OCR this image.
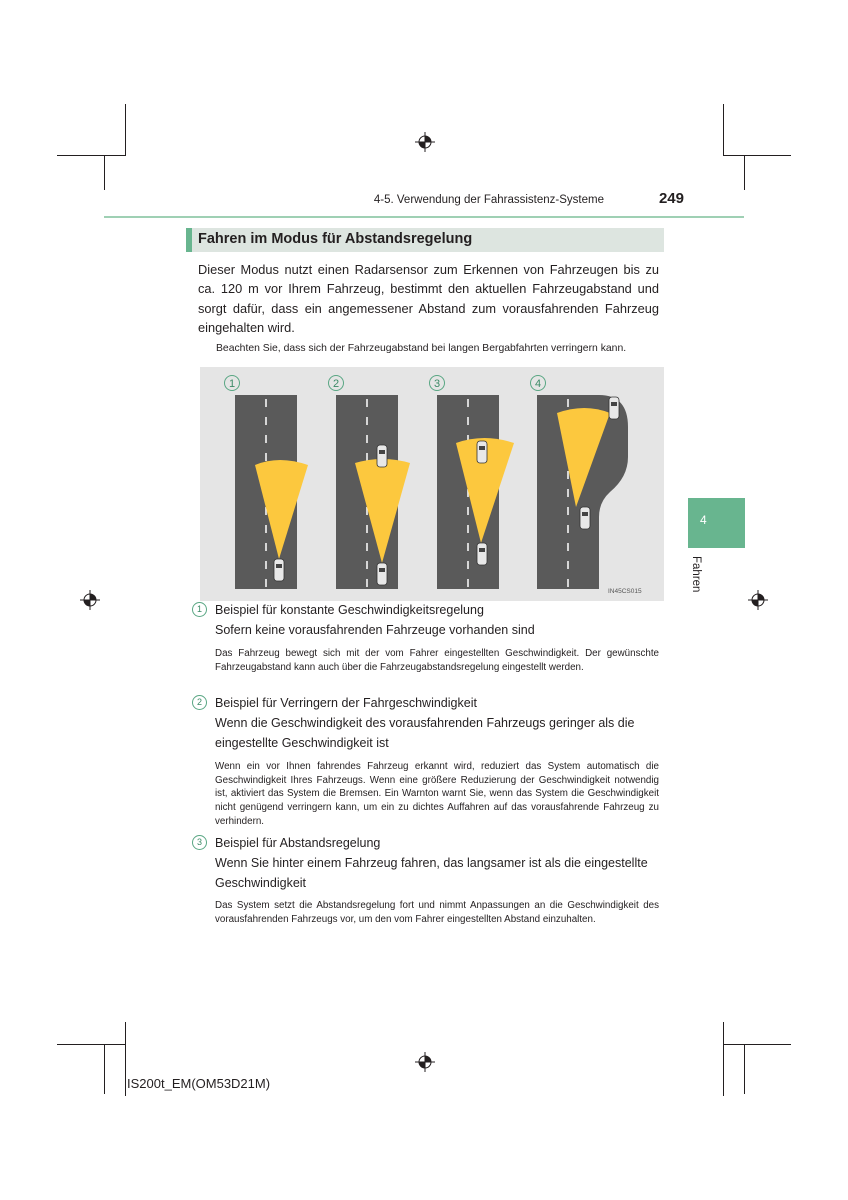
4-5. Verwendung der Fahrassistenz-Systeme	249
Fahren im Modus für Abstandsregelung
Dieser Modus nutzt einen Radarsensor zum Erkennen von Fahrzeugen bis zu ca. 120 m vor Ihrem Fahrzeug, bestimmt den aktuellen Fahrzeugabstand und sorgt dafür, dass ein angemessener Abstand zum vorausfahrenden Fahrzeug eingehalten wird.
Beachten Sie, dass sich der Fahrzeugabstand bei langen Bergabfahrten verringern kann.
1	2	3	4
IN45CS015
1	Beispiel für konstante Geschwindigkeitsregelung
Sofern keine vorausfahrenden Fahrzeuge vorhanden sind
Das Fahrzeug bewegt sich mit der vom Fahrer eingestellten Geschwindigkeit. Der gewünschte Fahrzeugabstand kann auch über die Fahrzeugabstandsregelung eingestellt werden.
2	Beispiel für Verringern der Fahrgeschwindigkeit
Wenn die Geschwindigkeit des vorausfahrenden Fahrzeugs geringer als die eingestellte Geschwindigkeit ist
Wenn ein vor Ihnen fahrendes Fahrzeug erkannt wird, reduziert das System automatisch die Geschwindigkeit Ihres Fahrzeugs. Wenn eine größere Reduzierung der Geschwindigkeit notwendig ist, aktiviert das System die Bremsen. Ein Warnton warnt Sie, wenn das System die Geschwindigkeit nicht genügend verringern kann, um ein zu dichtes Auffahren auf das vorausfahrende Fahrzeug zu verhindern.
3	Beispiel für Abstandsregelung
Wenn Sie hinter einem Fahrzeug fahren, das langsamer ist als die eingestellte Geschwindigkeit
Das System setzt die Abstandsregelung fort und nimmt Anpassungen an die Geschwindigkeit des vorausfahrenden Fahrzeugs vor, um den vom Fahrer eingestellten Abstand einzuhalten.
4
Fahren
IS200t_EM(OM53D21M)
